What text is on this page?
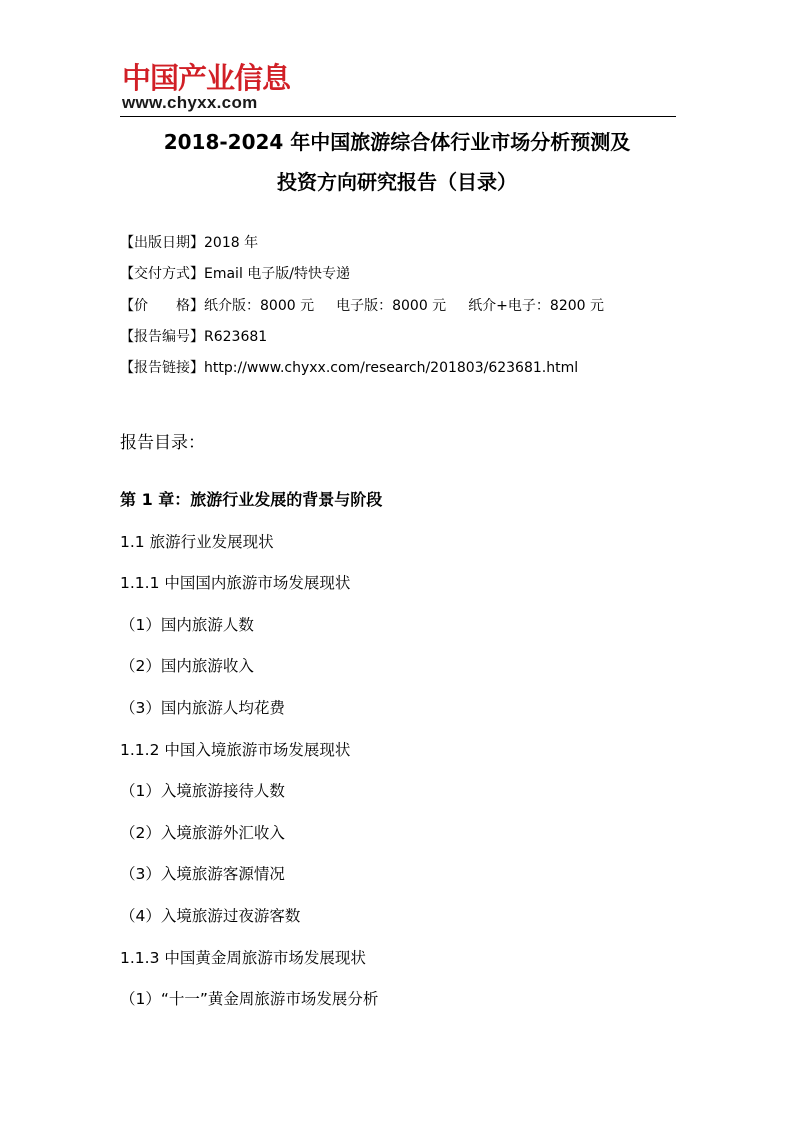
中国产业信息
www.chyxx.com
2018-2024 年中国旅游综合体行业市场分析预测及
投资方向研究报告（目录）
【出版日期】2018 年
【交付方式】Email 电子版/特快专递
【价　　格】纸介版：8000 元 电子版：8000 元 纸介+电子：8200 元
【报告编号】R623681
【报告链接】http://www.chyxx.com/research/201803/623681.html
报告目录：
第 1 章：旅游行业发展的背景与阶段
1.1 旅游行业发展现状
1.1.1 中国国内旅游市场发展现状
（1）国内旅游人数
（2）国内旅游收入
（3）国内旅游人均花费
1.1.2 中国入境旅游市场发展现状
（1）入境旅游接待人数
（2）入境旅游外汇收入
（3）入境旅游客源情况
（4）入境旅游过夜游客数
1.1.3 中国黄金周旅游市场发展现状
（1）“十一”黄金周旅游市场发展分析
